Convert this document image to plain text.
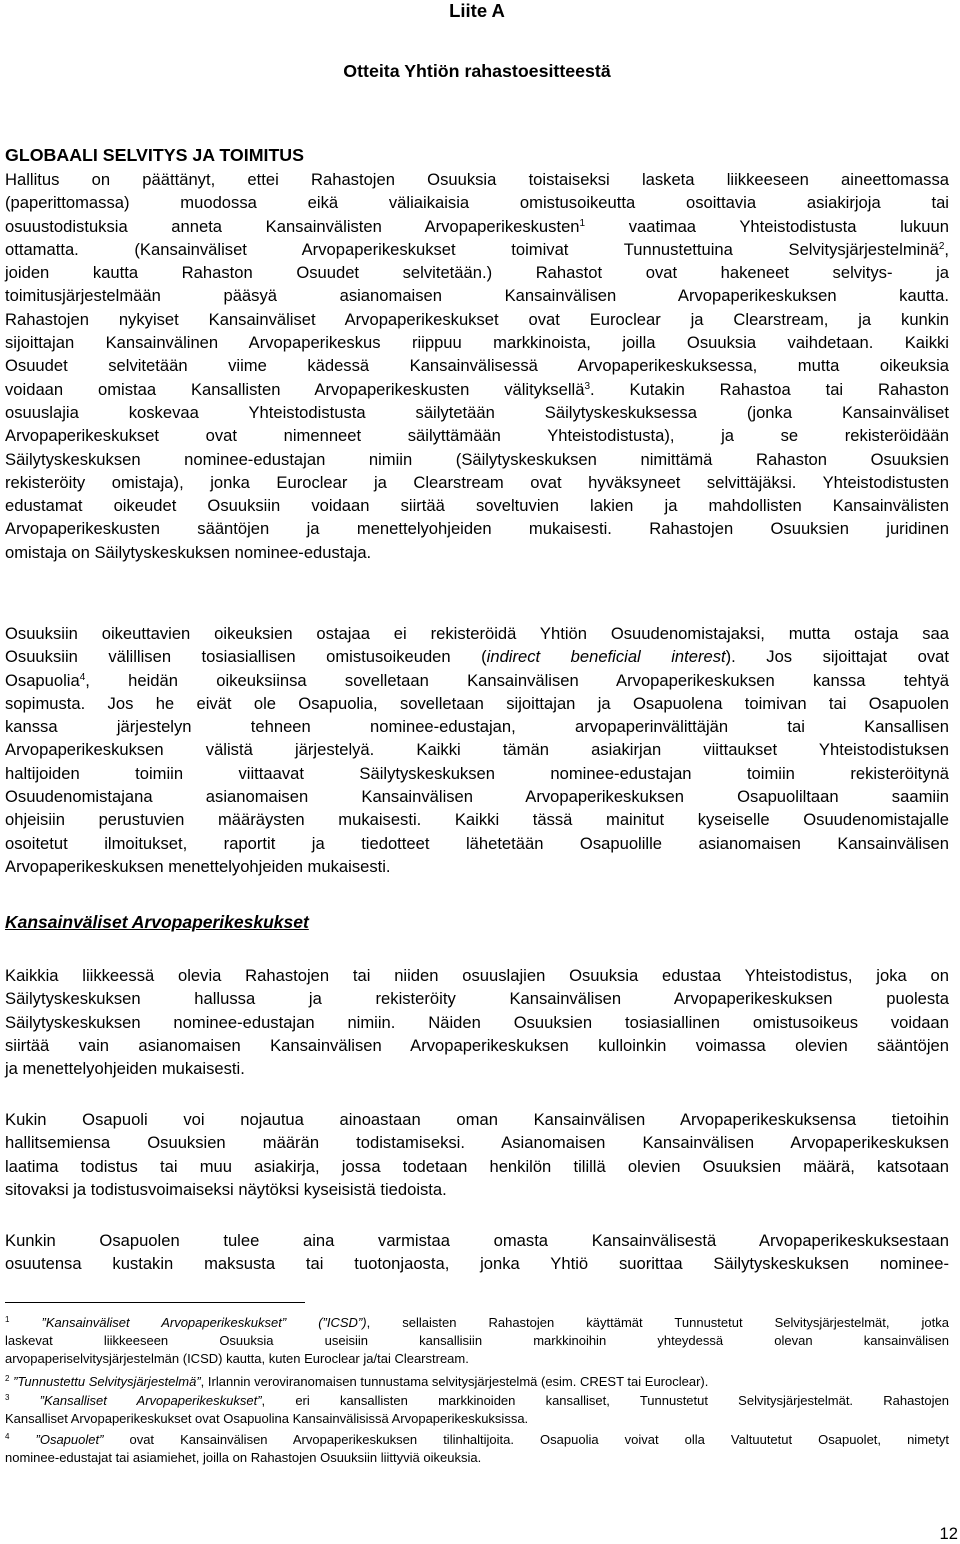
Liite A
Otteita Yhtiön rahastoesitteestä
GLOBAALI SELVITYS JA TOIMITUS
Hallitus on päättänyt, ettei Rahastojen Osuuksia toistaiseksi lasketa liikkeeseen aineettomassa
(paperittomassa) muodossa eikä väliaikaisia omistusoikeutta osoittavia asiakirjoja tai
osuustodistuksia anneta Kansainvälisten Arvopaperikeskusten$^1$ vaatimaa Yhteistodistusta lukuun
ottamatta. (Kansainväliset Arvopaperikeskukset toimivat Tunnustettuina Selvitysjärjestelminä$^2$,
joiden kautta Rahaston Osuudet selvitetään.) Rahastot ovat hakeneet selvitys- ja
toimitusjärjestelmään pääsyä asianomaisen Kansainvälisen Arvopaperikeskuksen kautta.
Rahastojen nykyiset Kansainväliset Arvopaperikeskukset ovat Euroclear ja Clearstream, ja kunkin
sijoittajan Kansainvälinen Arvopaperikeskus riippuu markkinoista, joilla Osuuksia vaihdetaan. Kaikki
Osuudet selvitetään viime kädessä Kansainvälisessä Arvopaperikeskuksessa, mutta oikeuksia
voidaan omistaa Kansallisten Arvopaperikeskusten välityksellä$^3$. Kutakin Rahastoa tai Rahaston
osuuslajia koskevaa Yhteistodistusta säilytetään Säilytyskeskuksessa (jonka Kansainväliset
Arvopaperikeskukset ovat nimenneet säilyttämään Yhteistodistusta), ja se rekisteröidään
Säilytyskeskuksen nominee-edustajan nimiin (Säilytyskeskuksen nimittämä Rahaston Osuuksien
rekisteröity omistaja), jonka Euroclear ja Clearstream ovat hyväksyneet selvittäjäksi. Yhteistodistusten
edustamat oikeudet Osuuksiin voidaan siirtää soveltuvien lakien ja mahdollisten Kansainvälisten
Arvopaperikeskusten sääntöjen ja menettelyohjeiden mukaisesti. Rahastojen Osuuksien juridinen
omistaja on Säilytyskeskuksen nominee-edustaja.
Osuuksiin oikeuttavien oikeuksien ostajaa ei rekisteröidä Yhtiön Osuudenomistajaksi, mutta ostaja saa
Osuuksiin välillisen tosiasiallisen omistusoikeuden (indirect beneficial interest). Jos sijoittajat ovat
Osapuolia$^4$, heidän oikeuksiinsa sovelletaan Kansainvälisen Arvopaperikeskuksen kanssa tehtyä
sopimusta. Jos he eivät ole Osapuolia, sovelletaan sijoittajan ja Osapuolena toimivan tai Osapuolen
kanssa järjestelyn tehneen nominee-edustajan, arvopaperinvälittäjän tai Kansallisen
Arvopaperikeskuksen välistä järjestelyä. Kaikki tämän asiakirjan viittaukset Yhteistodistuksen
haltijoiden toimiin viittaavat Säilytyskeskuksen nominee-edustajan toimiin rekisteröitynä
Osuudenomistajana asianomaisen Kansainvälisen Arvopaperikeskuksen Osapuoliltaan saamiin
ohjeisiin perustuvien määräysten mukaisesti. Kaikki tässä mainitut kyseiselle Osuudenomistajalle
osoitetut ilmoitukset, raportit ja tiedotteet lähetetään Osapuolille asianomaisen Kansainvälisen
Arvopaperikeskuksen menettelyohjeiden mukaisesti.
Kansainväliset Arvopaperikeskukset
Kaikkia liikkeessä olevia Rahastojen tai niiden osuuslajien Osuuksia edustaa Yhteistodistus, joka on
Säilytyskeskuksen hallussa ja rekisteröity Kansainvälisen Arvopaperikeskuksen puolesta
Säilytyskeskuksen nominee-edustajan nimiin. Näiden Osuuksien tosiasiallinen omistusoikeus voidaan
siirtää vain asianomaisen Kansainvälisen Arvopaperikeskuksen kulloinkin voimassa olevien sääntöjen
ja menettelyohjeiden mukaisesti.
Kukin Osapuoli voi nojautua ainoastaan oman Kansainvälisen Arvopaperikeskuksensa tietoihin
hallitsemiensa Osuuksien määrän todistamiseksi. Asianomaisen Kansainvälisen Arvopaperikeskuksen
laatima todistus tai muu asiakirja, jossa todetaan henkilön tilillä olevien Osuuksien määrä, katsotaan
sitovaksi ja todistusvoimaiseksi näytöksi kyseisistä tiedoista.
Kunkin Osapuolen tulee aina varmistaa omasta Kansainvälisestä Arvopaperikeskuksestaan
osuutensa kustakin maksusta tai tuotonjaosta, jonka Yhtiö suorittaa Säilytyskeskuksen nominee-
$^1$ ”Kansainväliset Arvopaperikeskukset” (”ICSD”), sellaisten Rahastojen käyttämät Tunnustetut Selvitysjärjestelmät, jotka
laskevat liikkeeseen Osuuksia useisiin kansallisiin markkinoihin yhteydessä olevan kansainvälisen
arvopaperiselvitysjärjestelmän (ICSD) kautta, kuten Euroclear ja/tai Clearstream.
$^2$ ”Tunnustettu Selvitysjärjestelmä”, Irlannin veroviranomaisen tunnustama selvitysjärjestelmä (esim. CREST tai Euroclear).
$^3$ ”Kansalliset Arvopaperikeskukset”, eri kansallisten markkinoiden kansalliset, Tunnustetut Selvitysjärjestelmät. Rahastojen
Kansalliset Arvopaperikeskukset ovat Osapuolina Kansainvälisissä Arvopaperikeskuksissa.
$^4$ ”Osapuolet” ovat Kansainvälisen Arvopaperikeskuksen tilinhaltijoita. Osapuolia voivat olla Valtuutetut Osapuolet, nimetyt
nominee-edustajat tai asiamiehet, joilla on Rahastojen Osuuksiin liittyviä oikeuksia.
12
